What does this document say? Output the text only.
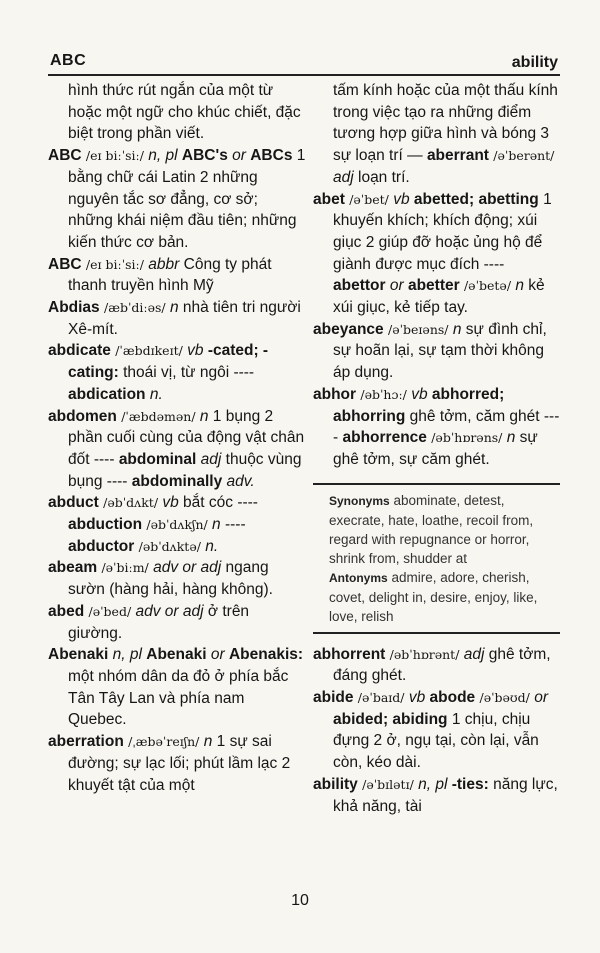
ABC	ability

hình thức rút ngắn của một từ hoặc một ngữ cho khúc chiết, đặc biệt trong phần viết.

ABC /eɪ biːˈsiː/ n, pl ABC's or ABCs 1 bằng chữ cái Latin 2 những nguyên tắc sơ đẳng, cơ sở; những khái niệm đầu tiên; những kiến thức cơ bản.

ABC /eɪ biːˈsiː/ abbr Công ty phát thanh truyền hình Mỹ

Abdias /æbˈdiːəs/ n nhà tiên tri người Xê-mít.

abdicate /ˈæbdɪkeɪt/ vb -cated; -cating: thoái vị, từ ngôi ---- abdication n.

abdomen /ˈæbdəmən/ n 1 bụng 2 phần cuối cùng của động vật chân đốt ---- abdominal adj thuộc vùng bụng ---- abdominally adv.

abduct /əbˈdʌkt/ vb bắt cóc ---- abduction /əbˈdʌkʃn/ n ---- abductor /əbˈdʌktə/ n.

abeam /əˈbiːm/ adv or adj ngang sườn (hàng hải, hàng không).

abed /əˈbed/ adv or adj ở trên giường.

Abenaki n, pl Abenaki or Abenakis: một nhóm dân da đỏ ở phía bắc Tân Tây Lan và phía nam Quebec.

aberration /ˌæbəˈreɪʃn/ n 1 sự sai đường; sự lạc lối; phút lầm lạc 2 khuyết tật của một

tấm kính hoặc của một thấu kính trong việc tạo ra những điểm tương hợp giữa hình và bóng 3 sự loạn trí — aberrant /əˈberənt/ adj loạn trí.

abet /əˈbet/ vb abetted; abetting 1 khuyến khích; khích động; xúi giục 2 giúp đỡ hoặc ủng hộ để giành được mục đích ---- abettor or abetter /əˈbetə/ n kẻ xúi giục, kẻ tiếp tay.

abeyance /əˈbeɪəns/ n sự đình chỉ, sự hoãn lại, sự tạm thời không áp dụng.

abhor /əbˈhɔː/ vb abhorred; abhorring ghê tởm, căm ghét ---- abhorrence /əbˈhɒrəns/ n sự ghê tởm, sự căm ghét.

Synonyms abominate, detest, execrate, hate, loathe, recoil from, regard with repugnance or horror, shrink from, shudder at
Antonyms admire, adore, cherish, covet, delight in, desire, enjoy, like, love, relish

abhorrent /əbˈhɒrənt/ adj ghê tởm, đáng ghét.

abide /əˈbaɪd/ vb abode /əˈbəʊd/ or abided; abiding 1 chịu, chịu đựng 2 ở, ngụ tại, còn lại, vẫn còn, kéo dài.

ability /əˈbɪlətɪ/ n, pl -ties: năng lực, khả năng, tài

10
